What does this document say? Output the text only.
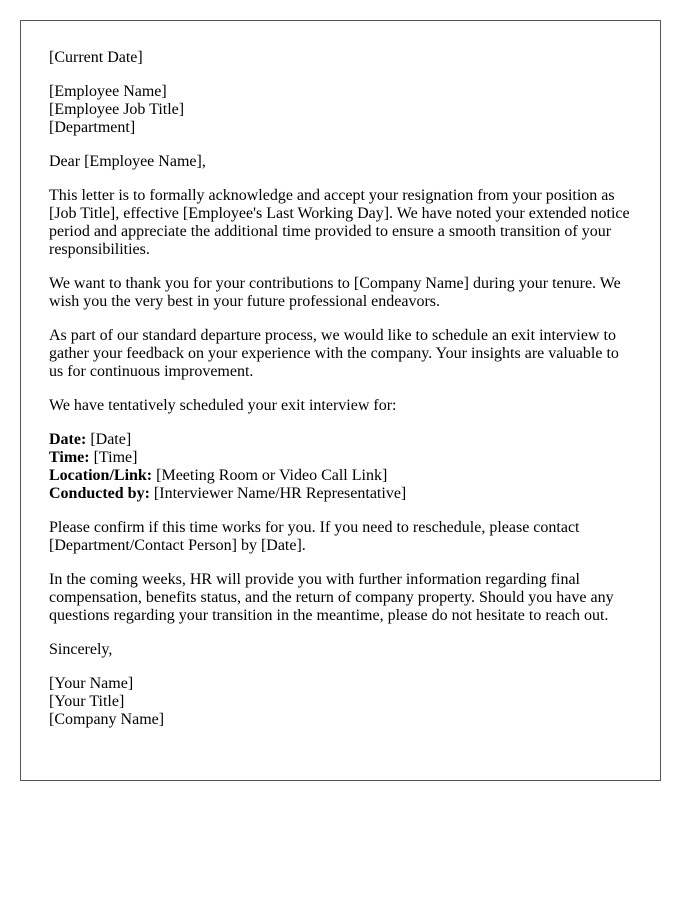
[Current Date]

[Employee Name]
[Employee Job Title]
[Department]

Dear [Employee Name],

This letter is to formally acknowledge and accept your resignation from your position as [Job Title], effective [Employee's Last Working Day]. We have noted your extended notice period and appreciate the additional time provided to ensure a smooth transition of your responsibilities.

We want to thank you for your contributions to [Company Name] during your tenure. We wish you the very best in your future professional endeavors.

As part of our standard departure process, we would like to schedule an exit interview to gather your feedback on your experience with the company. Your insights are valuable to us for continuous improvement.

We have tentatively scheduled your exit interview for:

Date: [Date]
Time: [Time]
Location/Link: [Meeting Room or Video Call Link]
Conducted by: [Interviewer Name/HR Representative]

Please confirm if this time works for you. If you need to reschedule, please contact [Department/Contact Person] by [Date].

In the coming weeks, HR will provide you with further information regarding final compensation, benefits status, and the return of company property. Should you have any questions regarding your transition in the meantime, please do not hesitate to reach out.

Sincerely,

[Your Name]
[Your Title]
[Company Name]
